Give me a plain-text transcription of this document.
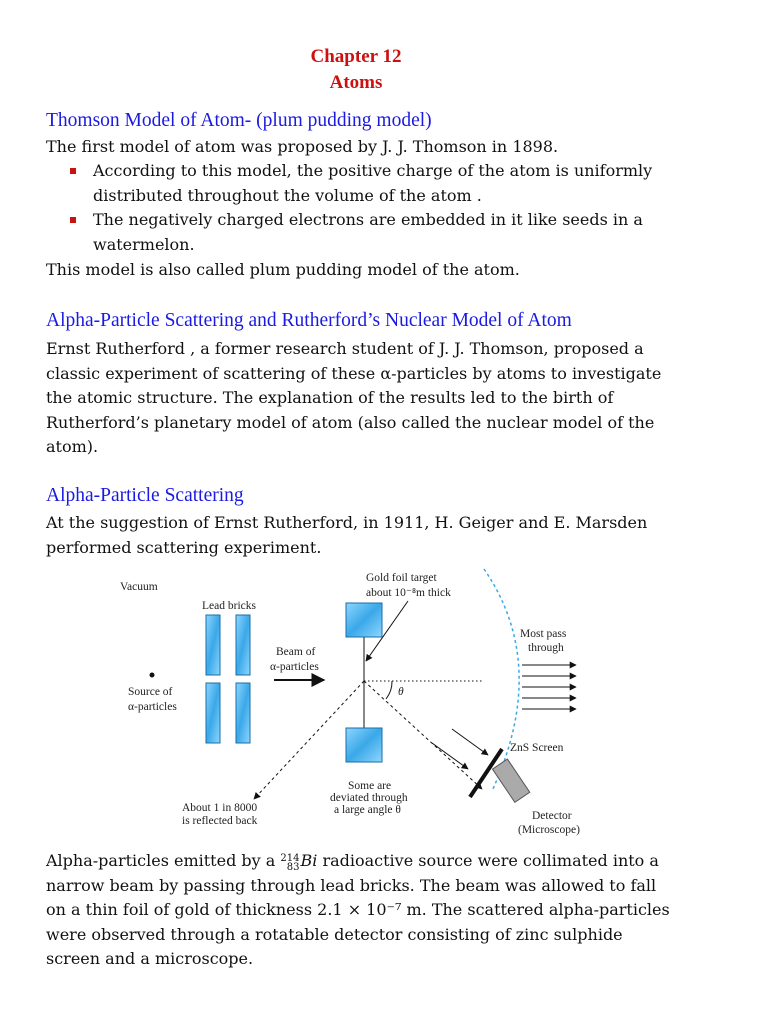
Chapter 12
Atoms
Thomson Model of Atom- (plum pudding model)
The first model of atom was proposed by J. J. Thomson in 1898.
According to this model, the positive charge of the atom is uniformly
distributed throughout the volume of the atom .
The negatively charged electrons are embedded in it like seeds in a
watermelon.
This model is also called plum pudding model of the atom.
Alpha-Particle Scattering and Rutherford’s Nuclear Model of Atom
Ernst Rutherford , a former research student of J. J. Thomson, proposed a
classic experiment of scattering of these α-particles by atoms to investigate
the atomic structure. The explanation of the results led to the birth of
Rutherford’s planetary model of atom (also called the nuclear model of the
atom).
Alpha-Particle Scattering
At the suggestion of Ernst Rutherford, in 1911, H. Geiger and E. Marsden
performed scattering experiment.
Vacuum
Lead bricks
Source of
α-particles
Beam of
α-particles
Gold foil target
about 10⁻⁸m thick
θ
Most pass
through
ZnS Screen
Detector
(Microscope)
Some are
deviated through
a large angle θ
About 1 in 8000
is reflected back
Alpha-particles emitted by a 214
83 Bi radioactive source were collimated into a
narrow beam by passing through lead bricks. The beam was allowed to fall
on a thin foil of gold of thickness 2.1 × 10⁻⁷ m. The scattered alpha-particles
were observed through a rotatable detector consisting of zinc sulphide
screen and a microscope.
